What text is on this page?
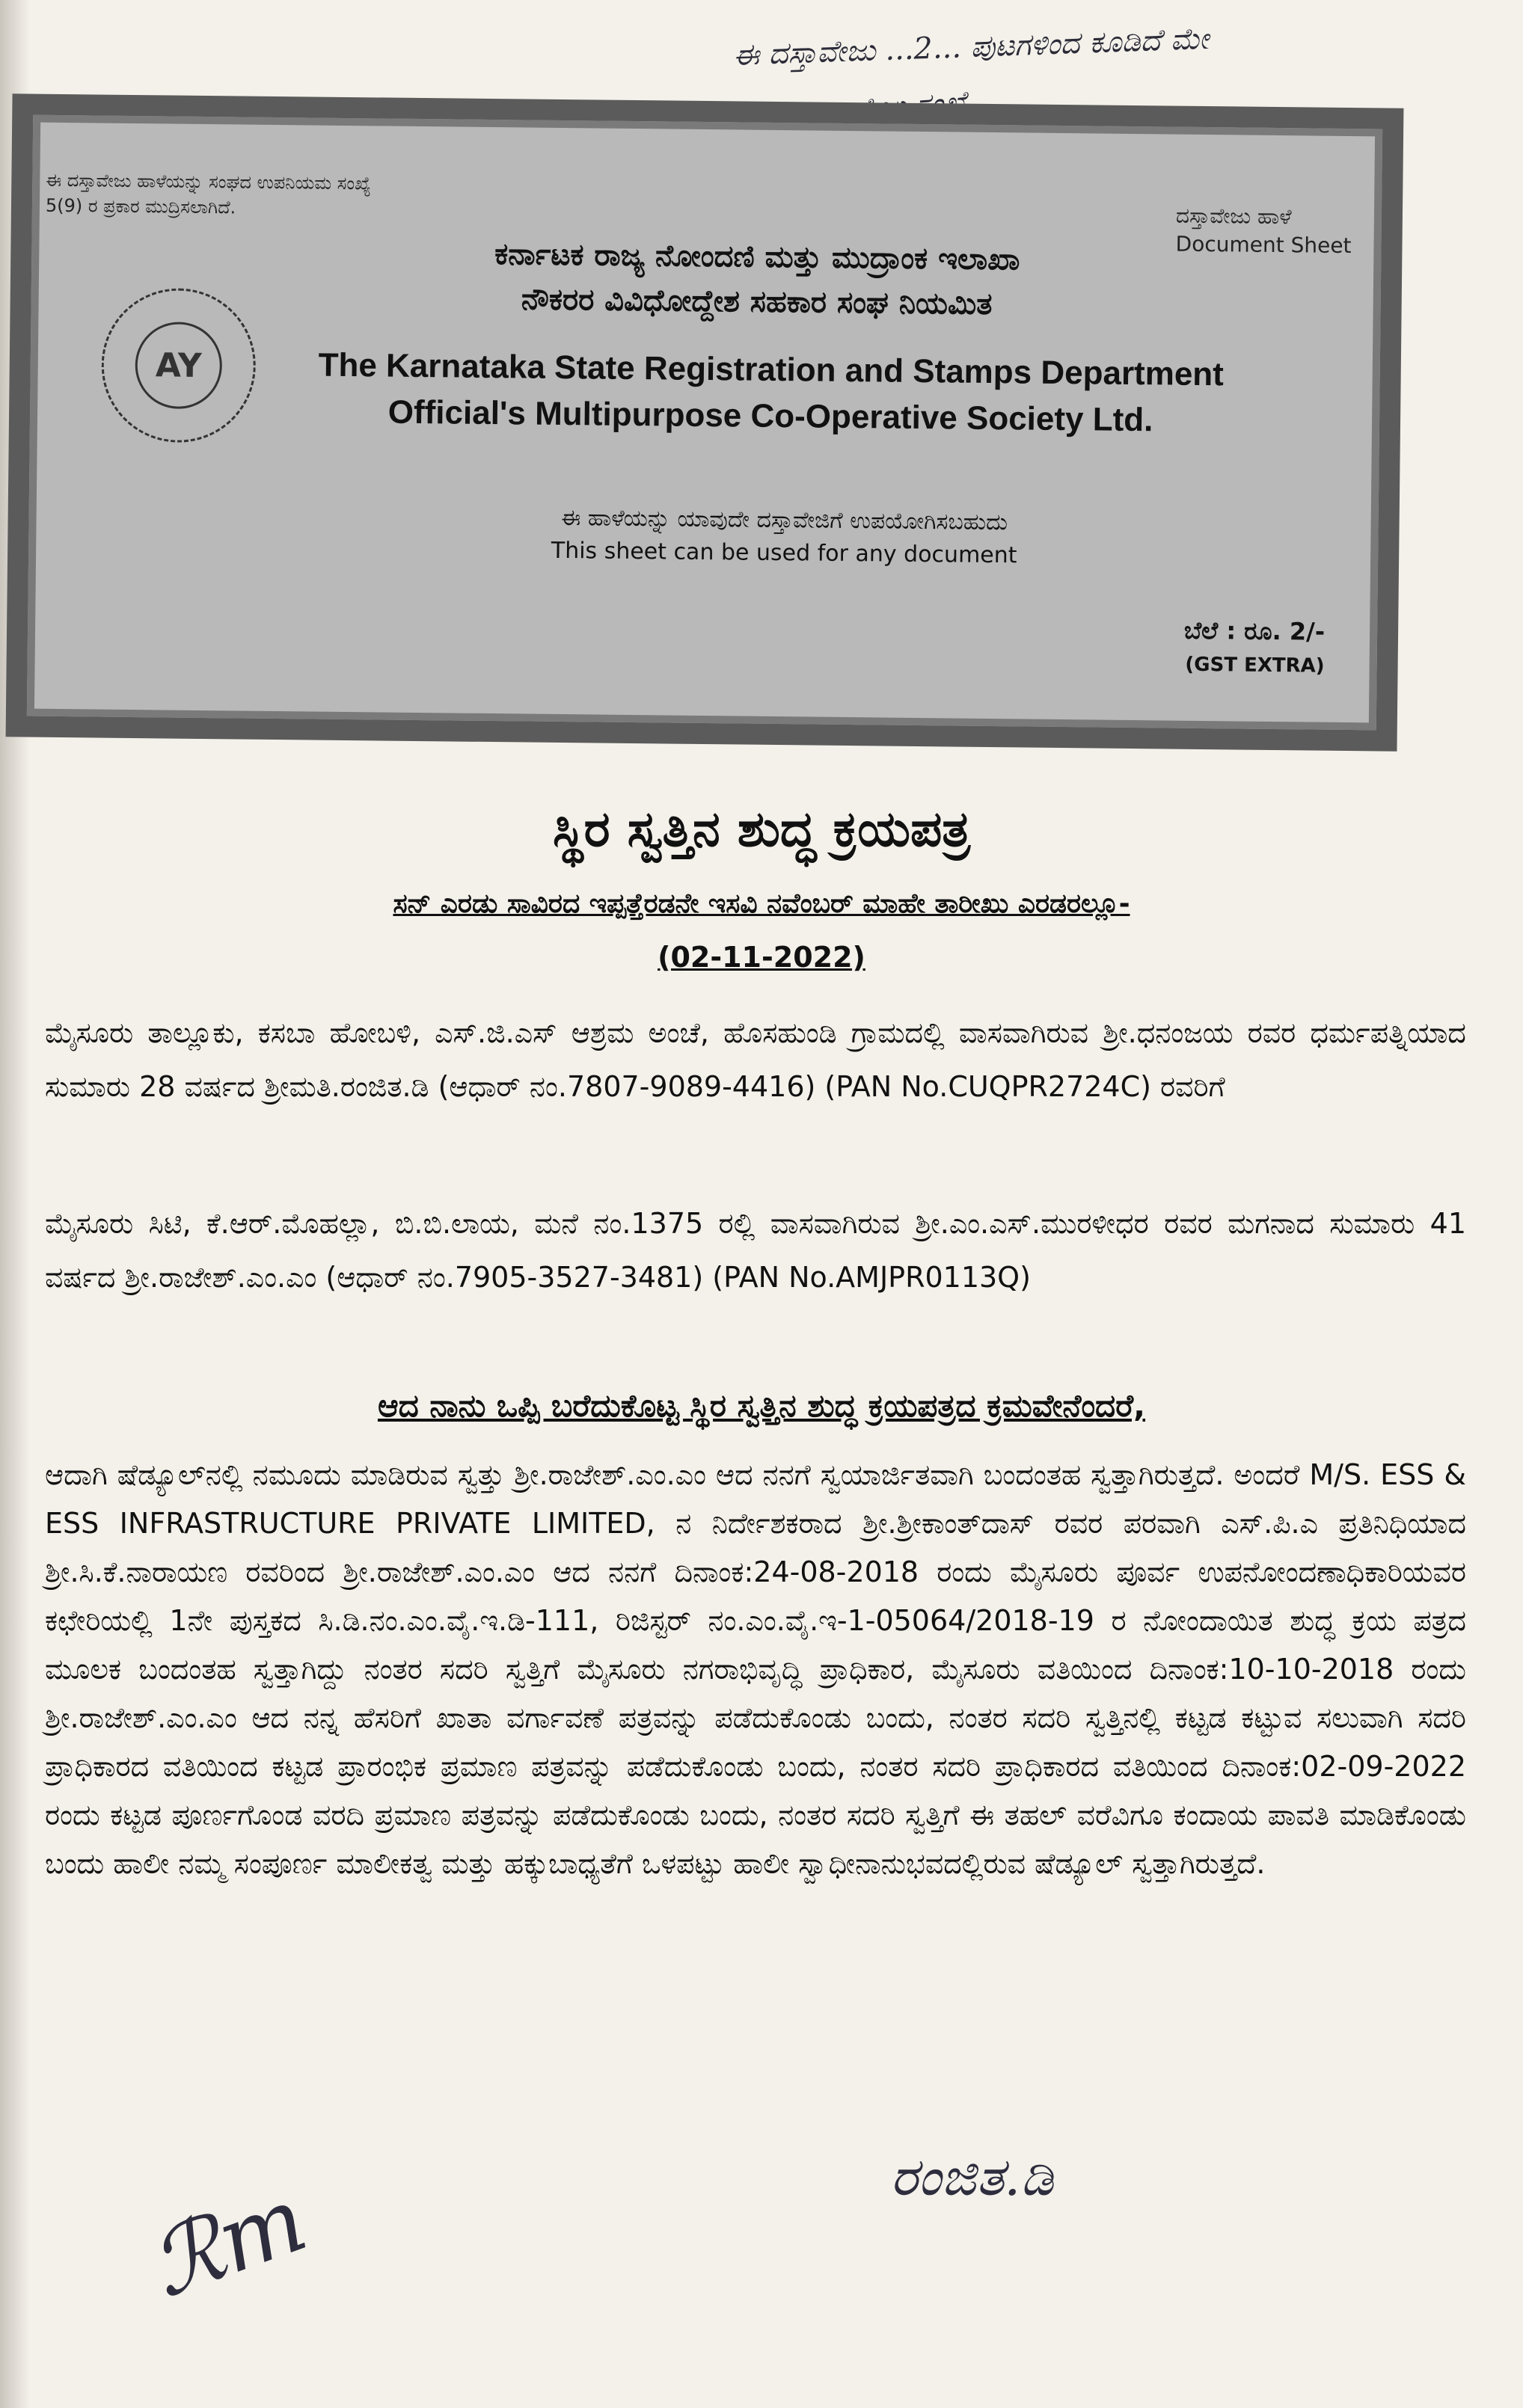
ಈ ದಸ್ತಾವೇಜು ...2... ಪುಟಗಳಿಂದ ಕೂಡಿದೆ ಮೇ
ಈ ದಸ್ತಾವೇಜು ಹಾಳೆಯನ್ನು ಸಂಘದ ಉಪನಿಯಮ ಸಂಖ್ಯೆ 5(9) ರ ಪ್ರಕಾರ ಮುದ್ರಿಸಲಾಗಿದೆ.	ದಸ್ತಾವೇಜು ಹಾಳೆ
Document Sheet
AY
ಕರ್ನಾಟಕ ರಾಜ್ಯ ನೋಂದಣಿ ಮತ್ತು ಮುದ್ರಾಂಕ ಇಲಾಖಾ
ನೌಕರರ ವಿವಿಧೋದ್ದೇಶ ಸಹಕಾರ ಸಂಘ ನಿಯಮಿತ
The Karnataka State Registration and Stamps Department
Official's Multipurpose Co-Operative Society Ltd.
ಈ ಹಾಳೆಯನ್ನು ಯಾವುದೇ ದಸ್ತಾವೇಜಿಗೆ ಉಪಯೋಗಿಸಬಹುದು
This sheet can be used for any document
ಬೆಲೆ : ರೂ. 2/-
(GST EXTRA)
ಸ್ಥಿರ ಸ್ವತ್ತಿನ ಶುದ್ಧ ಕ್ರಯಪತ್ರ
ಸನ್ ಎರಡು ಸಾವಿರದ ಇಪ್ಪತ್ತೆರಡನೇ ಇಸವಿ ನವೆಂಬರ್ ಮಾಹೇ ತಾರೀಖು ಎರಡರಲ್ಲೂ-
(02-11-2022)
ಮೈಸೂರು ತಾಲ್ಲೂಕು, ಕಸಬಾ ಹೋಬಳಿ, ಎಸ್.ಜಿ.ಎಸ್ ಆಶ್ರಮ ಅಂಚೆ, ಹೊಸಹುಂಡಿ ಗ್ರಾಮದಲ್ಲಿ ವಾಸವಾಗಿರುವ ಶ್ರೀ.ಧನಂಜಯ ರವರ ಧರ್ಮಪತ್ನಿಯಾದ ಸುಮಾರು 28 ವರ್ಷದ ಶ್ರೀಮತಿ.ರಂಜಿತ.ಡಿ (ಆಧಾರ್ ನಂ.7807-9089-4416) (PAN No.CUQPR2724C) ರವರಿಗೆ
ಮೈಸೂರು ಸಿಟಿ, ಕೆ.ಆರ್.ಮೊಹಲ್ಲಾ, ಬಿ.ಬಿ.ಲಾಯ, ಮನೆ ನಂ.1375 ರಲ್ಲಿ ವಾಸವಾಗಿರುವ ಶ್ರೀ.ಎಂ.ಎಸ್.ಮುರಳೀಧರ ರವರ ಮಗನಾದ ಸುಮಾರು 41 ವರ್ಷದ ಶ್ರೀ.ರಾಜೇಶ್.ಎಂ.ಎಂ (ಆಧಾರ್ ನಂ.7905-3527-3481) (PAN No.AMJPR0113Q)
ಆದ ನಾನು ಒಪ್ಪಿ ಬರೆದುಕೊಟ್ಟ ಸ್ಥಿರ ಸ್ವತ್ತಿನ ಶುದ್ಧ ಕ್ರಯಪತ್ರದ ಕ್ರಮವೇನೆಂದರೆ,
ಆದಾಗಿ ಷೆಡ್ಯೂಲ್‌ನಲ್ಲಿ ನಮೂದು ಮಾಡಿರುವ ಸ್ವತ್ತು ಶ್ರೀ.ರಾಜೇಶ್.ಎಂ.ಎಂ ಆದ ನನಗೆ ಸ್ವಯಾರ್ಜಿತವಾಗಿ ಬಂದಂತಹ ಸ್ವತ್ತಾಗಿರುತ್ತದೆ. ಅಂದರೆ M/S. ESS & ESS INFRASTRUCTURE PRIVATE LIMITED, ನ ನಿರ್ದೇಶಕರಾದ ಶ್ರೀ.ಶ್ರೀಕಾಂತ್‌ದಾಸ್ ರವರ ಪರವಾಗಿ ಎಸ್.ಪಿ.ಎ ಪ್ರತಿನಿಧಿಯಾದ ಶ್ರೀ.ಸಿ.ಕೆ.ನಾರಾಯಣ ರವರಿಂದ ಶ್ರೀ.ರಾಜೇಶ್.ಎಂ.ಎಂ ಆದ ನನಗೆ ದಿನಾಂಕ:24-08-2018 ರಂದು ಮೈಸೂರು ಪೂರ್ವ ಉಪನೋಂದಣಾಧಿಕಾರಿಯವರ ಕಛೇರಿಯಲ್ಲಿ 1ನೇ ಪುಸ್ತಕದ ಸಿ.ಡಿ.ನಂ.ಎಂ.ವೈ.ಇ.ಡಿ-111, ರಿಜಿಸ್ಟರ್ ನಂ.ಎಂ.ವೈ.ಇ-1-05064/2018-19 ರ ನೋಂದಾಯಿತ ಶುದ್ಧ ಕ್ರಯ ಪತ್ರದ ಮೂಲಕ ಬಂದಂತಹ ಸ್ವತ್ತಾಗಿದ್ದು ನಂತರ ಸದರಿ ಸ್ವತ್ತಿಗೆ ಮೈಸೂರು ನಗರಾಭಿವೃದ್ಧಿ ಪ್ರಾಧಿಕಾರ, ಮೈಸೂರು ವತಿಯಿಂದ ದಿನಾಂಕ:10-10-2018 ರಂದು ಶ್ರೀ.ರಾಜೇಶ್.ಎಂ.ಎಂ ಆದ ನನ್ನ ಹೆಸರಿಗೆ ಖಾತಾ ವರ್ಗಾವಣೆ ಪತ್ರವನ್ನು ಪಡೆದುಕೊಂಡು ಬಂದು, ನಂತರ ಸದರಿ ಸ್ವತ್ತಿನಲ್ಲಿ ಕಟ್ಟಡ ಕಟ್ಟುವ ಸಲುವಾಗಿ ಸದರಿ ಪ್ರಾಧಿಕಾರದ ವತಿಯಿಂದ ಕಟ್ಟಡ ಪ್ರಾರಂಭಿಕ ಪ್ರಮಾಣ ಪತ್ರವನ್ನು ಪಡೆದುಕೊಂಡು ಬಂದು, ನಂತರ ಸದರಿ ಪ್ರಾಧಿಕಾರದ ವತಿಯಿಂದ ದಿನಾಂಕ:02-09-2022 ರಂದು ಕಟ್ಟಡ ಪೂರ್ಣಗೊಂಡ ವರದಿ ಪ್ರಮಾಣ ಪತ್ರವನ್ನು ಪಡೆದುಕೊಂಡು ಬಂದು, ನಂತರ ಸದರಿ ಸ್ವತ್ತಿಗೆ ಈ ತಹಲ್ ವರೆವಿಗೂ ಕಂದಾಯ ಪಾವತಿ ಮಾಡಿಕೊಂಡು ಬಂದು ಹಾಲೀ ನಮ್ಮ ಸಂಪೂರ್ಣ ಮಾಲೀಕತ್ವ ಮತ್ತು ಹಕ್ಕುಬಾಧ್ಯತೆಗೆ ಒಳಪಟ್ಟು ಹಾಲೀ ಸ್ವಾಧೀನಾನುಭವದಲ್ಲಿರುವ ಷೆಡ್ಯೂಲ್ ಸ್ವತ್ತಾಗಿರುತ್ತದೆ.
ರಂಜಿತ.ಡಿ
ℛm
